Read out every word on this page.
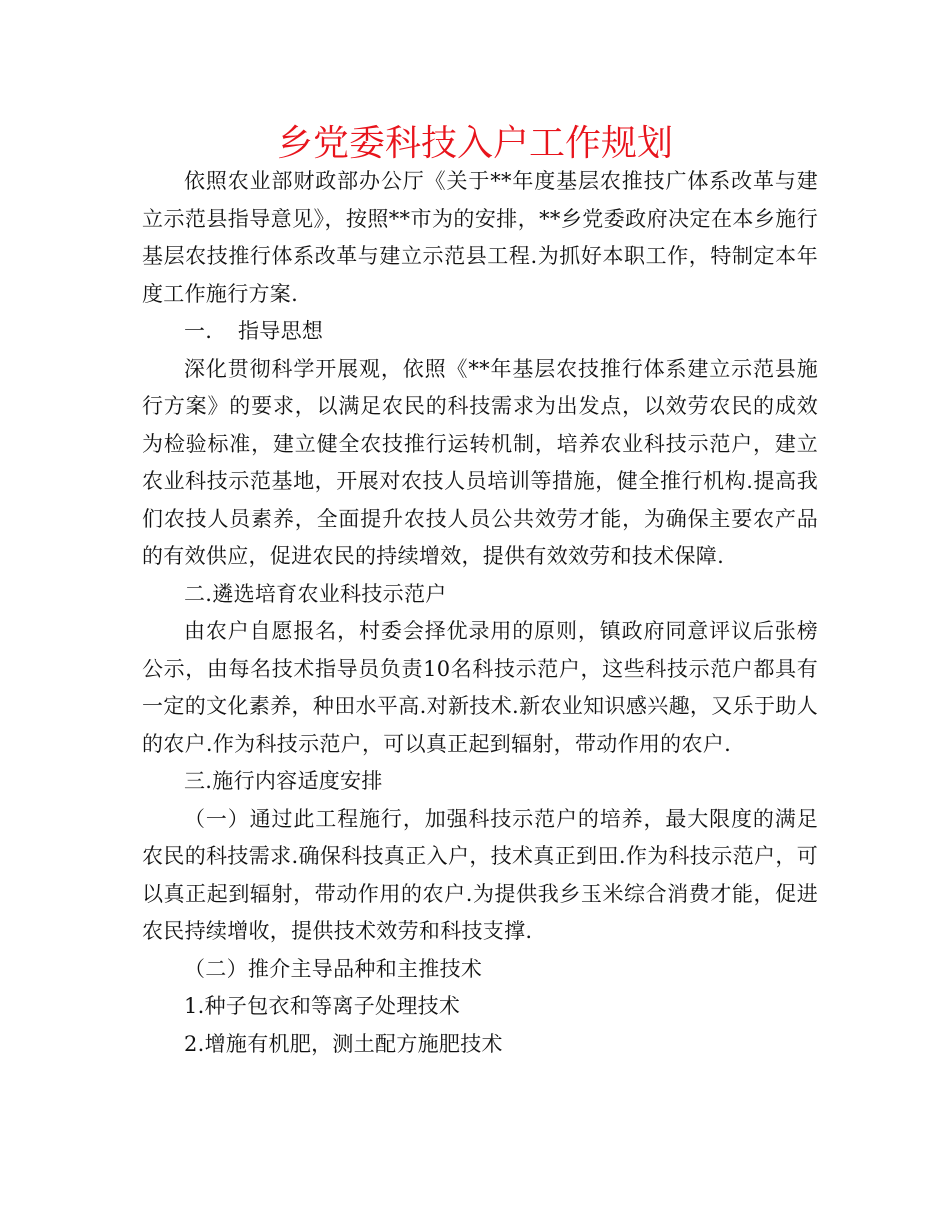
乡党委科技入户工作规划

依照农业部财政部办公厅《关于**年度基层农推技广体系改革与建立示范县指导意见》，按照**市为的安排，**乡党委政府决定在本乡施行基层农技推行体系改革与建立示范县工程.为抓好本职工作，特制定本年度工作施行方案.

一. 指导思想

深化贯彻科学开展观，依照《**年基层农技推行体系建立示范县施行方案》的要求，以满足农民的科技需求为出发点，以效劳农民的成效为检验标准，建立健全农技推行运转机制，培养农业科技示范户，建立农业科技示范基地，开展对农技人员培训等措施，健全推行机构.提高我们农技人员素养，全面提升农技人员公共效劳才能，为确保主要农产品的有效供应，促进农民的持续增效，提供有效效劳和技术保障.

二.遴选培育农业科技示范户

由农户自愿报名，村委会择优录用的原则，镇政府同意评议后张榜公示，由每名技术指导员负责10名科技示范户，这些科技示范户都具有一定的文化素养，种田水平高.对新技术.新农业知识感兴趣，又乐于助人的农户.作为科技示范户，可以真正起到辐射，带动作用的农户.

三.施行内容适度安排

（一）通过此工程施行，加强科技示范户的培养，最大限度的满足农民的科技需求.确保科技真正入户，技术真正到田.作为科技示范户，可以真正起到辐射，带动作用的农户.为提供我乡玉米综合消费才能，促进农民持续增收，提供技术效劳和科技支撑.

（二）推介主导品种和主推技术

1.种子包衣和等离子处理技术

2.增施有机肥，测土配方施肥技术
